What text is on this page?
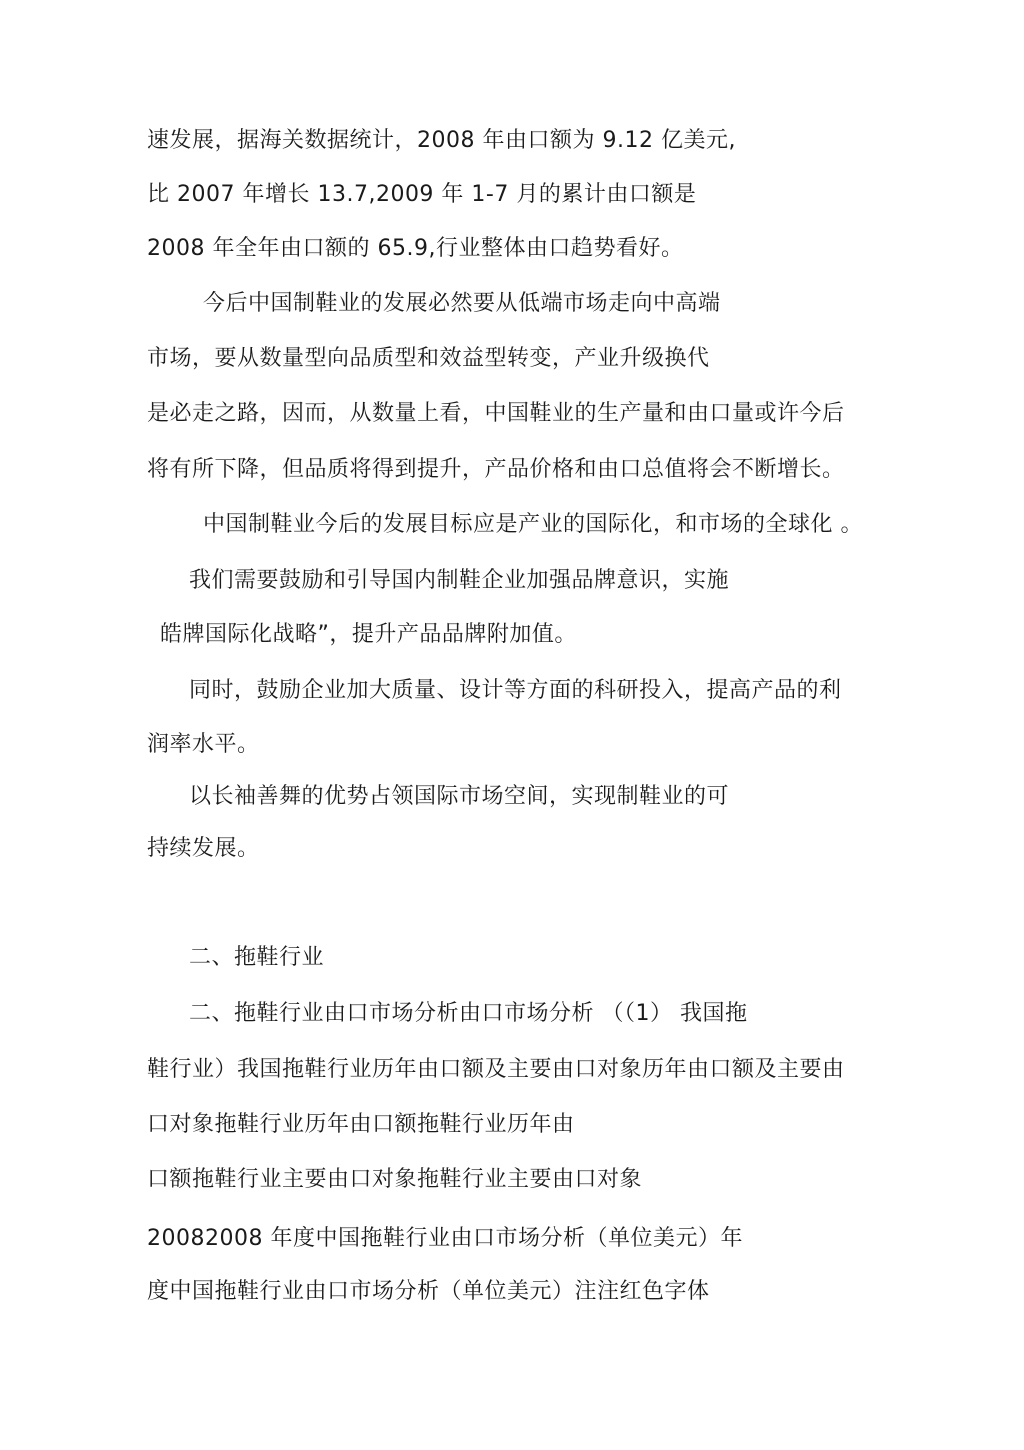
速发展，据海关数据统计，2008 年由口额为 9.12 亿美元,
比 2007 年增长 13.7,2009 年 1-7 月的累计由口额是
2008 年全年由口额的 65.9,行业整体由口趋势看好。
今后中国制鞋业的发展必然要从低端市场走向中高端
市场，要从数量型向品质型和效益型转变，产业升级换代
是必走之路，因而，从数量上看，中国鞋业的生产量和由口量或许今后
将有所下降，但品质将得到提升，产品价格和由口总值将会不断增长。
中国制鞋业今后的发展目标应是产业的国际化，和市场的全球化 。
我们需要鼓励和引导国内制鞋企业加强品牌意识，实施
皓牌国际化战略”，提升产品品牌附加值。
同时，鼓励企业加大质量、设计等方面的科研投入，提高产品的利
润率水平。
以长袖善舞的优势占领国际市场空间，实现制鞋业的可
持续发展。
二、拖鞋行业
二、拖鞋行业由口市场分析由口市场分析 （（1） 我国拖
鞋行业）我国拖鞋行业历年由口额及主要由口对象历年由口额及主要由
口对象拖鞋行业历年由口额拖鞋行业历年由
口额拖鞋行业主要由口对象拖鞋行业主要由口对象
20082008 年度中国拖鞋行业由口市场分析（单位美元）年
度中国拖鞋行业由口市场分析（单位美元）注注红色字体
